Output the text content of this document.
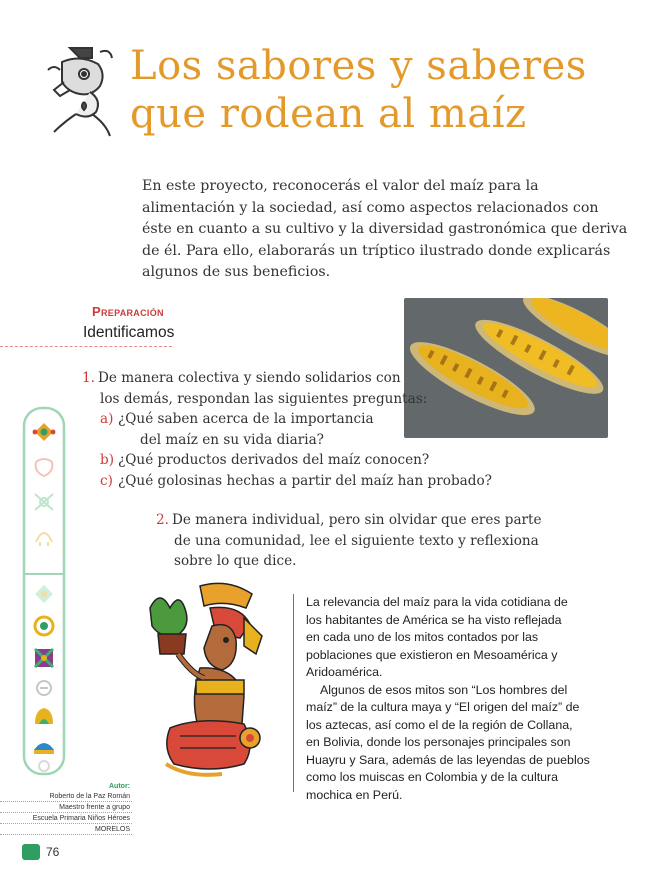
Los sabores y saberes
que rodean al maíz
En este proyecto, reconocerás el valor del maíz para la
alimentación y la sociedad, así como aspectos relacionados con
éste en cuanto a su cultivo y la diversidad gastronómica que deriva
de él. Para ello, elaborarás un tríptico ilustrado donde explicarás
algunos de sus beneficios.
Preparación
Identificamos
1. De manera colectiva y siendo solidarios con
los demás, respondan las siguientes preguntas:
a) ¿Qué saben acerca de la importancia
del maíz en su vida diaria?
b) ¿Qué productos derivados del maíz conocen?
c) ¿Qué golosinas hechas a partir del maíz han probado?
2. De manera individual, pero sin olvidar que eres parte
de una comunidad, lee el siguiente texto y reflexiona
sobre lo que dice.
La relevancia del maíz para la vida cotidiana de
los habitantes de América se ha visto reflejada
en cada uno de los mitos contados por las
poblaciones que existieron en Mesoamérica y
Aridoamérica.
Algunos de esos mitos son “Los hombres del
maíz” de la cultura maya y “El origen del maíz” de
los aztecas, así como el de la región de Collana,
en Bolivia, donde los personajes principales son
Huayru y Sara, además de las leyendas de pueblos
como los muiscas en Colombia y de la cultura
mochica en Perú.
Autor:
Roberto de la Paz Román
Maestro frente a grupo
Escuela Primaria Niños Héroes
MORELOS
76
